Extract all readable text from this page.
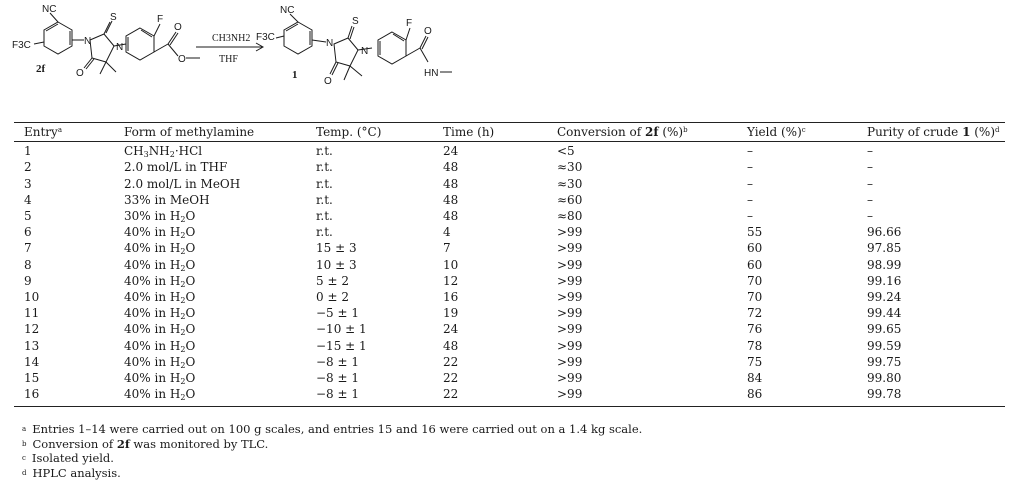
NC
F3C	N
S
N
O
F
O
O
2f
CH3NH2
THF
NC
F3C
N
S
N
O
F
O
HN
1
Entry$^a$	Form of methylamine	Temp. (°C)	Time (h)	Conversion of 2f (%)$^b$	Yield (%)$^c$	Purity of crude 1 (%)$^d$
1	$CH_3NH_2\cdot HCl$	r.t.	24	<5	–	–
2	2.0 mol/L in THF	r.t.	48	≈30	–	–
3	2.0 mol/L in MeOH	r.t.	48	≈30	–	–
4	33% in MeOH	r.t.	48	≈60	–	–
5	30% in $H_2O$	r.t.	48	≈80	–	–
6	40% in $H_2O$	r.t.	4	>99	55	96.66
7	40% in $H_2O$	15 ± 3	7	>99	60	97.85
8	40% in $H_2O$	10 ± 3	10	>99	60	98.99
9	40% in $H_2O$	5 ± 2	12	>99	70	99.16
10	40% in $H_2O$	0 ± 2	16	>99	70	99.24
11	40% in $H_2O$	−5 ± 1	19	>99	72	99.44
12	40% in $H_2O$	−10 ± 1	24	>99	76	99.65
13	40% in $H_2O$	−15 ± 1	48	>99	78	99.59
14	40% in $H_2O$	−8 ± 1	22	>99	75	99.75
15	40% in $H_2O$	−8 ± 1	22	>99	84	99.80
16	40% in $H_2O$	−8 ± 1	22	>99	86	99.78
$^a$ Entries 1–14 were carried out on 100 g scales, and entries 15 and 16 were carried out on a 1.4 kg scale.
$^b$ Conversion of 2f was monitored by TLC.
$^c$ Isolated yield.
$^d$ HPLC analysis.
